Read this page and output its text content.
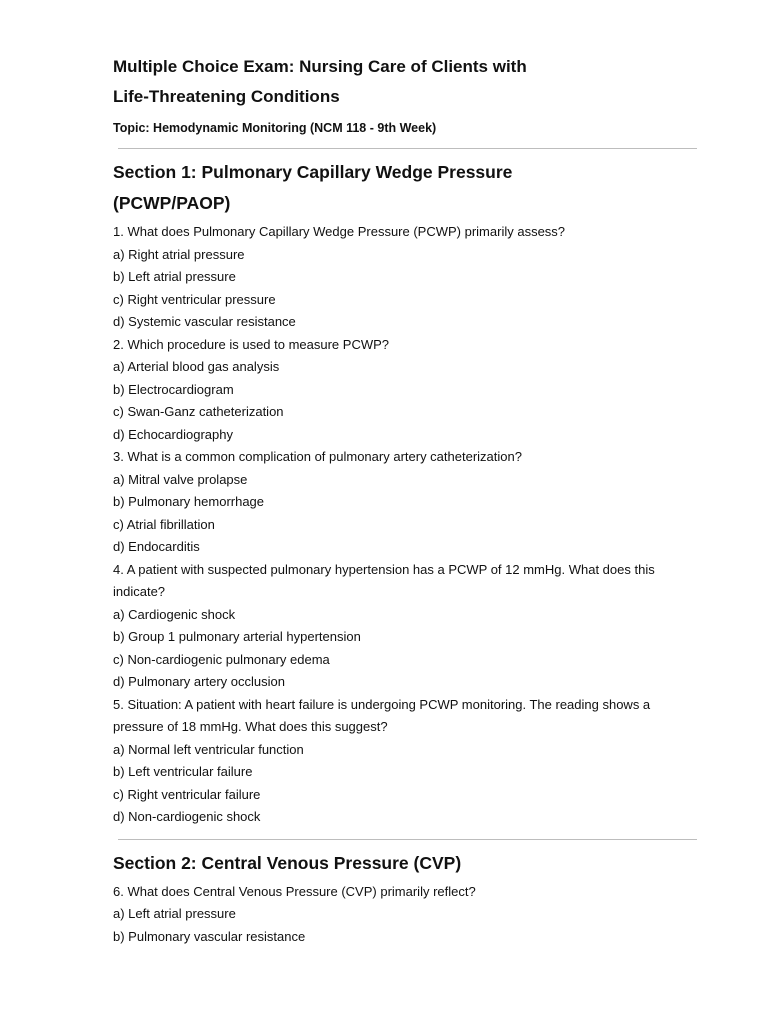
Multiple Choice Exam: Nursing Care of Clients with
Life-Threatening Conditions
Topic: Hemodynamic Monitoring (NCM 118 - 9th Week)
Section 1: Pulmonary Capillary Wedge Pressure
(PCWP/PAOP)
1. What does Pulmonary Capillary Wedge Pressure (PCWP) primarily assess?
a) Right atrial pressure
b) Left atrial pressure
c) Right ventricular pressure
d) Systemic vascular resistance
2. Which procedure is used to measure PCWP?
a) Arterial blood gas analysis
b) Electrocardiogram
c) Swan-Ganz catheterization
d) Echocardiography
3. What is a common complication of pulmonary artery catheterization?
a) Mitral valve prolapse
b) Pulmonary hemorrhage
c) Atrial fibrillation
d) Endocarditis
4. A patient with suspected pulmonary hypertension has a PCWP of 12 mmHg. What does this
indicate?
a) Cardiogenic shock
b) Group 1 pulmonary arterial hypertension
c) Non-cardiogenic pulmonary edema
d) Pulmonary artery occlusion
5. Situation: A patient with heart failure is undergoing PCWP monitoring. The reading shows a
pressure of 18 mmHg. What does this suggest?
a) Normal left ventricular function
b) Left ventricular failure
c) Right ventricular failure
d) Non-cardiogenic shock
Section 2: Central Venous Pressure (CVP)
6. What does Central Venous Pressure (CVP) primarily reflect?
a) Left atrial pressure
b) Pulmonary vascular resistance
